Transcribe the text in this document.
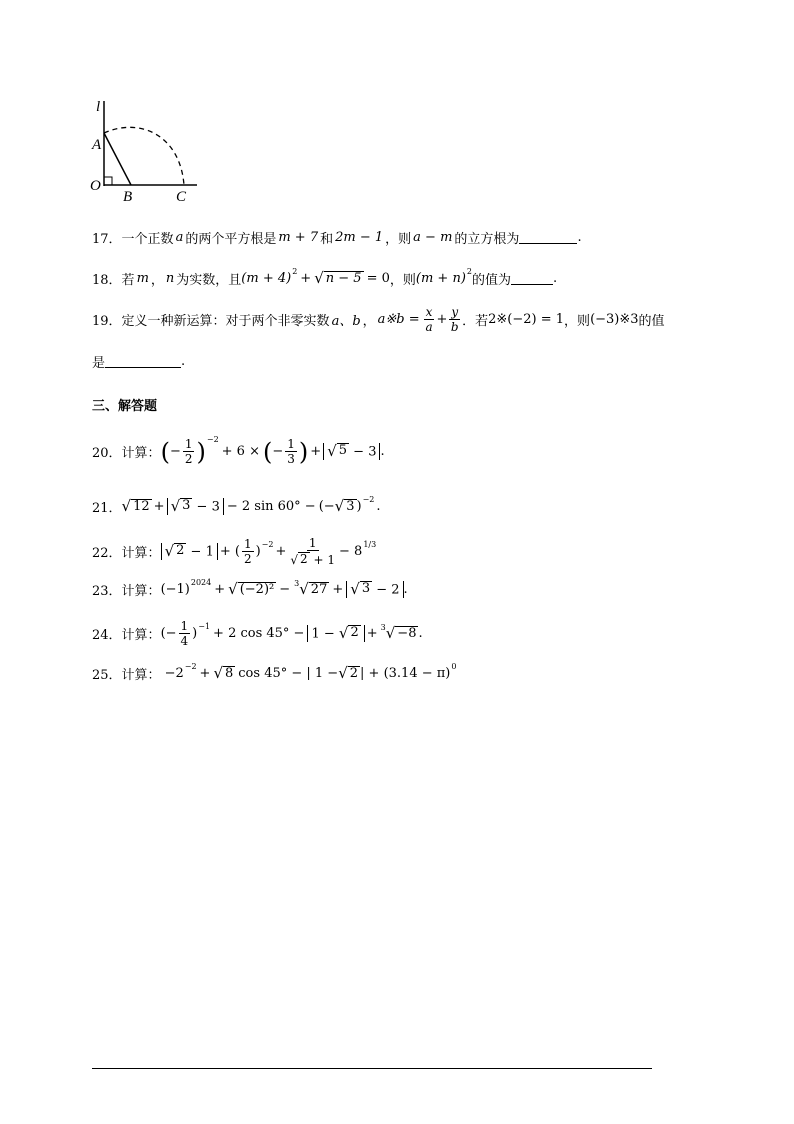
l
A
O
B	C
17． 一个正数 a 的两个平方根是 m + 7 和 2m − 1 ，则 a − m 的立方根为	.
18． 若 m ， n 为实数，且 (m + 4) 2 + √ n − 5 = 0 ，则 (m + n) 2
的值为	.
19． 定义一种新运算：对于两个非零实数 a、b ， a※b = $\frac{x}{a} + \frac{y}{b}$ ．若 2※(−2) = 1 ，则 (−3)※3 的值
是	.
三、解答题
20． 计算： ( − $\frac{1}{2}$ ) −2
+ 6 × ( − $\frac{1}{3}$ ) + √ 5 − 3 .
21． √ 12 + √ 3 − 3 − 2 sin 60° − (− √ 3 ) −2 .
22． 计算： √ 2 − 1 + ( $\frac{1}{2}$ ) $-2 + \frac{1}{√ 2 + 1} - 8$ 1/3
23． 计算： (−1) 2024 + √ (−2)² − 3 √ 27 + √ 3 − 2 .
24． 计算： (− $\frac{1}{4}$ ) −1 + 2 cos 45° − 1 − √ 2 + 3 √ −8 .
25． 计算： −2 −2 + √ 8 cos 45° − | 1 − √ 2 | + (3.14 − π) 0
